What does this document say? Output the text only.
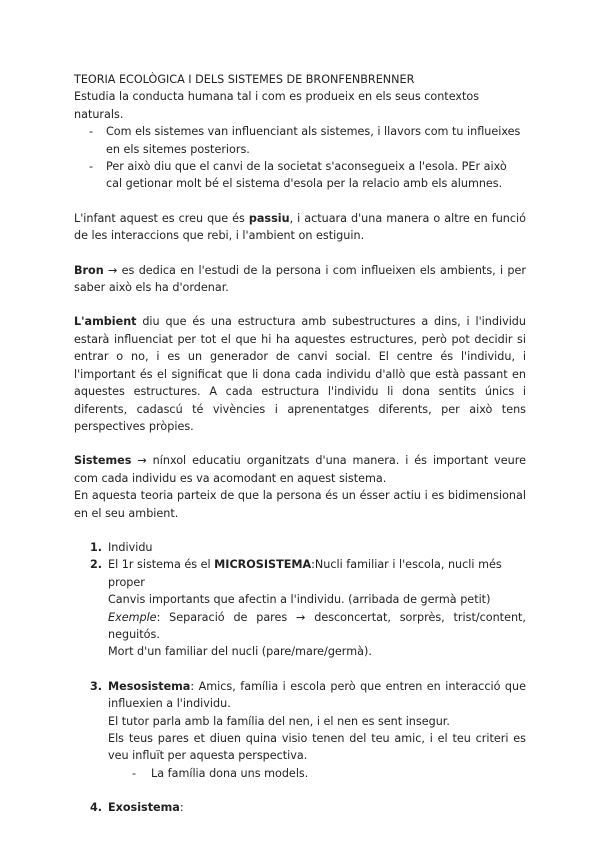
TEORIA ECOLÒGICA I DELS SISTEMES DE BRONFENBRENNER

Estudia la conducta humana tal i com es produeix en els seus contextos naturals.

- Com els sistemes van influenciant als sistemes, i llavors com tu influeixes en els sitemes posteriors.
- Per això diu que el canvi de la societat s'aconsegueix a l'esola. PEr això cal getionar molt bé el sistema d'esola per la relacio amb els alumnes.

L'infant aquest es creu que és passiu, i actuara d'una manera o altre en funció de les interaccions que rebi, i l'ambient on estiguin.

Bron → es dedica en l'estudi de la persona i com influeixen els ambients, i per saber això els ha d'ordenar.

L'ambient diu que és una estructura amb subestructures a dins, i l'individu estarà influenciat per tot el que hi ha aquestes estructures, però pot decidir si entrar o no, i es un generador de canvi social. El centre és l'individu, i l'important és el significat que li dona cada individu d'allò que està passant en aquestes estructures. A cada estructura l'individu li dona sentits únics i diferents, cadascú té vivències i aprenentatges diferents, per això tens perspectives pròpies.

Sistemes → nínxol educatiu organitzats d'una manera. i és important veure com cada individu es va acomodant en aquest sistema.

En aquesta teoria parteix de que la persona és un ésser actiu i es bidimensional en el seu ambient.

1. Individu

2. El 1r sistema és el MICROSISTEMA:Nucli familiar i l'escola, nucli més proper

Canvis importants que afectin a l'individu. (arribada de germà petit)

Exemple: Separació de pares → desconcertat, sorprès, trist/content, neguitós.

Mort d'un familiar del nucli (pare/mare/germà).

3. Mesosistema: Amics, família i escola però que entren en interacció que influexien a l'individu.

El tutor parla amb la família del nen, i el nen es sent insegur.

Els teus pares et diuen quina visio tenen del teu amic, i el teu criteri es veu influït per aquesta perspectiva.

- La família dona uns models.

4. Exosistema:
